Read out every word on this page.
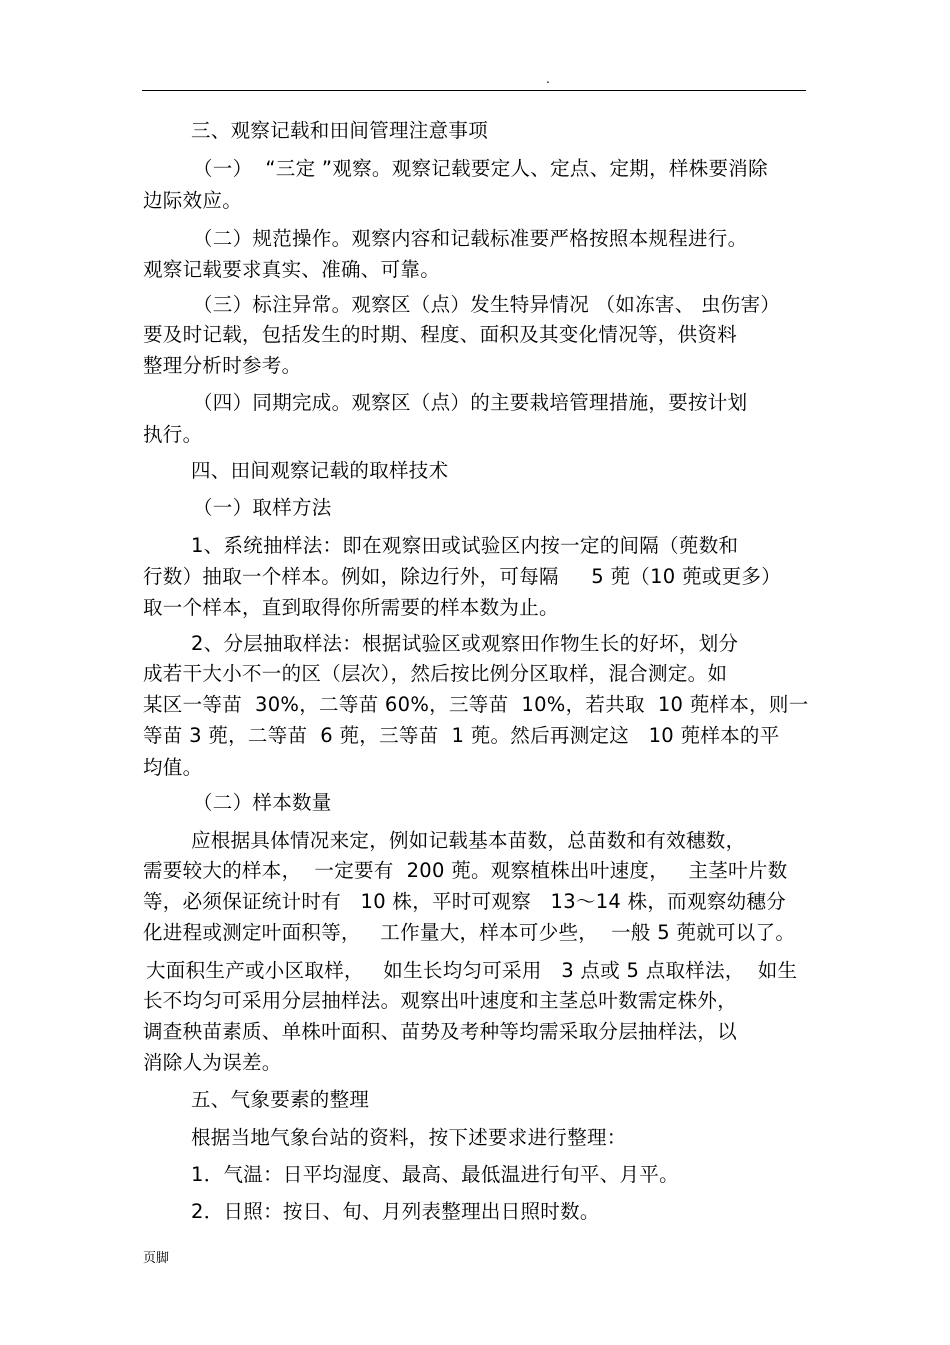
.
三、观察记载和田间管理注意事项
（一）  “三定 ”观察。观察记载要定人、定点、定期，样株要消除
边际效应。
（二）规范操作。观察内容和记载标准要严格按照本规程进行。
观察记载要求真实、准确、可靠。
（三）标注异常。观察区（点）发生特异情况 （如冻害、 虫伤害）
要及时记载，包括发生的时期、程度、面积及其变化情况等，供资料
整理分析时参考。
（四）同期完成。观察区（点）的主要栽培管理措施，要按计划
执行。
四、田间观察记载的取样技术
（一）取样方法
1、系统抽样法：即在观察田或试验区内按一定的间隔（蔸数和
行数）抽取一个样本。例如，除边行外，可每隔     5 蔸（10 蔸或更多）
取一个样本，直到取得你所需要的样本数为止。
2、分层抽取样法：根据试验区或观察田作物生长的好坏，划分
成若干大小不一的区（层次），然后按比例分区取样，混合测定。如
某区一等苗  30%，二等苗 60%，三等苗  10%，若共取  10 蔸样本，则一
等苗 3 蔸，二等苗  6 蔸，三等苗  1 蔸。然后再测定这   10 蔸样本的平
均值。
（二）样本数量
应根据具体情况来定，例如记载基本苗数，总苗数和有效穗数，
需要较大的样本，  一定要有  200 蔸。观察植株出叶速度，   主茎叶片数
等，必须保证统计时有   10 株，平时可观察   13～14 株，而观察幼穗分
化进程或测定叶面积等，   工作量大，样本可少些，  一般 5 蔸就可以了。
大面积生产或小区取样，   如生长均匀可采用   3 点或 5 点取样法，  如生
长不均匀可采用分层抽样法。观察出叶速度和主茎总叶数需定株外，
调查秧苗素质、单株叶面积、苗势及考种等均需采取分层抽样法，以
消除人为误差。
五、气象要素的整理
根据当地气象台站的资料，按下述要求进行整理：
1．气温：日平均湿度、最高、最低温进行旬平、月平。
2．日照：按日、旬、月列表整理出日照时数。
页脚
